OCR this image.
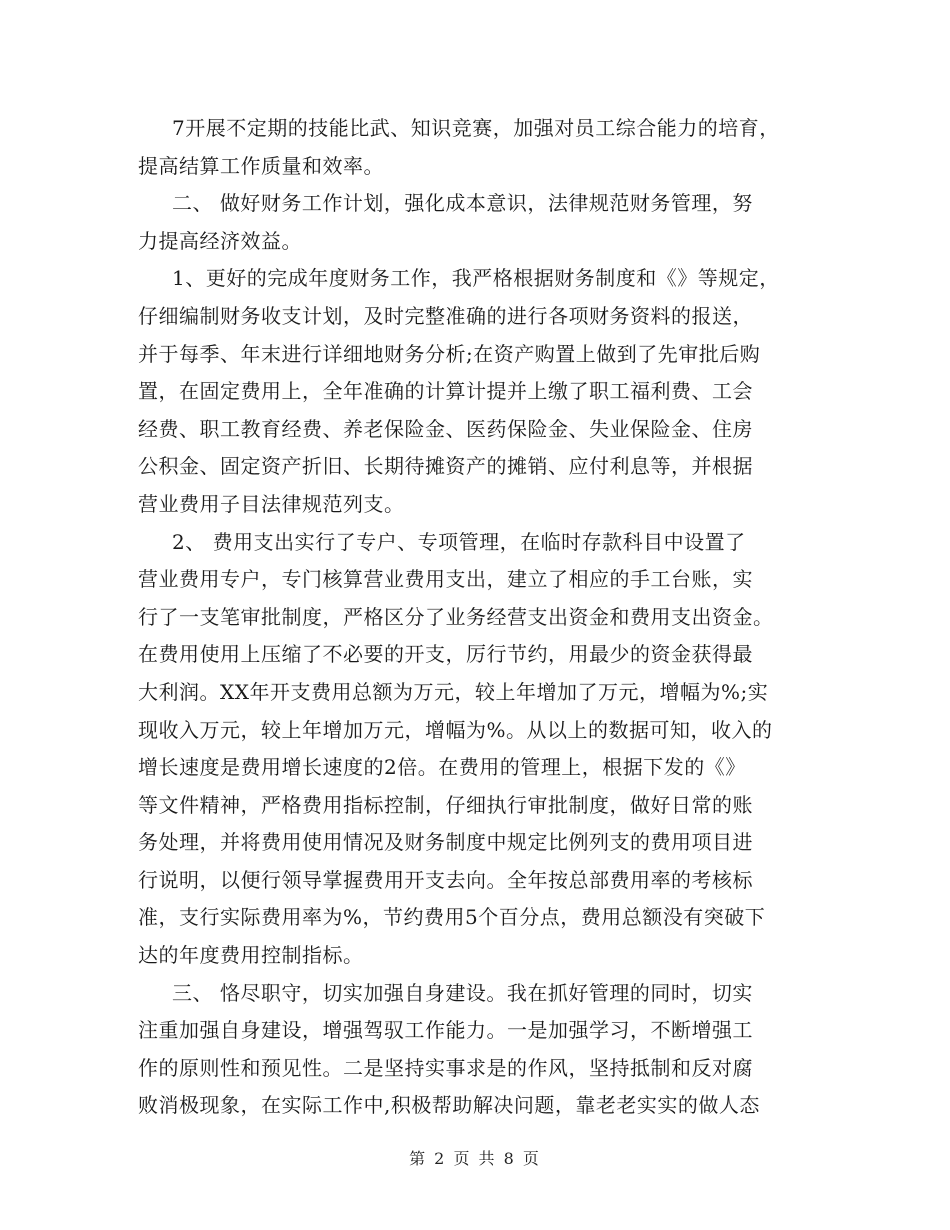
7开展不定期的技能比武、知识竞赛，加强对员工综合能力的培育，
提高结算工作质量和效率。
二、 做好财务工作计划，强化成本意识，法律规范财务管理，努
力提高经济效益。
1、更好的完成年度财务工作，我严格根据财务制度和《》等规定，
仔细编制财务收支计划，及时完整准确的进行各项财务资料的报送，
并于每季、年末进行详细地财务分析;在资产购置上做到了先审批后购
置，在固定费用上，全年准确的计算计提并上缴了职工福利费、工会
经费、职工教育经费、养老保险金、医药保险金、失业保险金、住房
公积金、固定资产折旧、长期待摊资产的摊销、应付利息等，并根据
营业费用子目法律规范列支。
2、 费用支出实行了专户、专项管理，在临时存款科目中设置了
营业费用专户，专门核算营业费用支出，建立了相应的手工台账，实
行了一支笔审批制度，严格区分了业务经营支出资金和费用支出资金。
在费用使用上压缩了不必要的开支，厉行节约，用最少的资金获得最
大利润。XX年开支费用总额为万元，较上年增加了万元，增幅为%;实
现收入万元，较上年增加万元，增幅为%。从以上的数据可知，收入的
增长速度是费用增长速度的2倍。在费用的管理上，根据下发的《》
等文件精神，严格费用指标控制，仔细执行审批制度，做好日常的账
务处理，并将费用使用情况及财务制度中规定比例列支的费用项目进
行说明，以便行领导掌握费用开支去向。全年按总部费用率的考核标
准，支行实际费用率为%，节约费用5个百分点，费用总额没有突破下
达的年度费用控制指标。
三、 恪尽职守，切实加强自身建设。我在抓好管理的同时，切实
注重加强自身建设，增强驾驭工作能力。一是加强学习，不断增强工
作的原则性和预见性。二是坚持实事求是的作风，坚持抵制和反对腐
败消极现象，在实际工作中,积极帮助解决问题，靠老老实实的做人态
第 2 页 共 8 页
